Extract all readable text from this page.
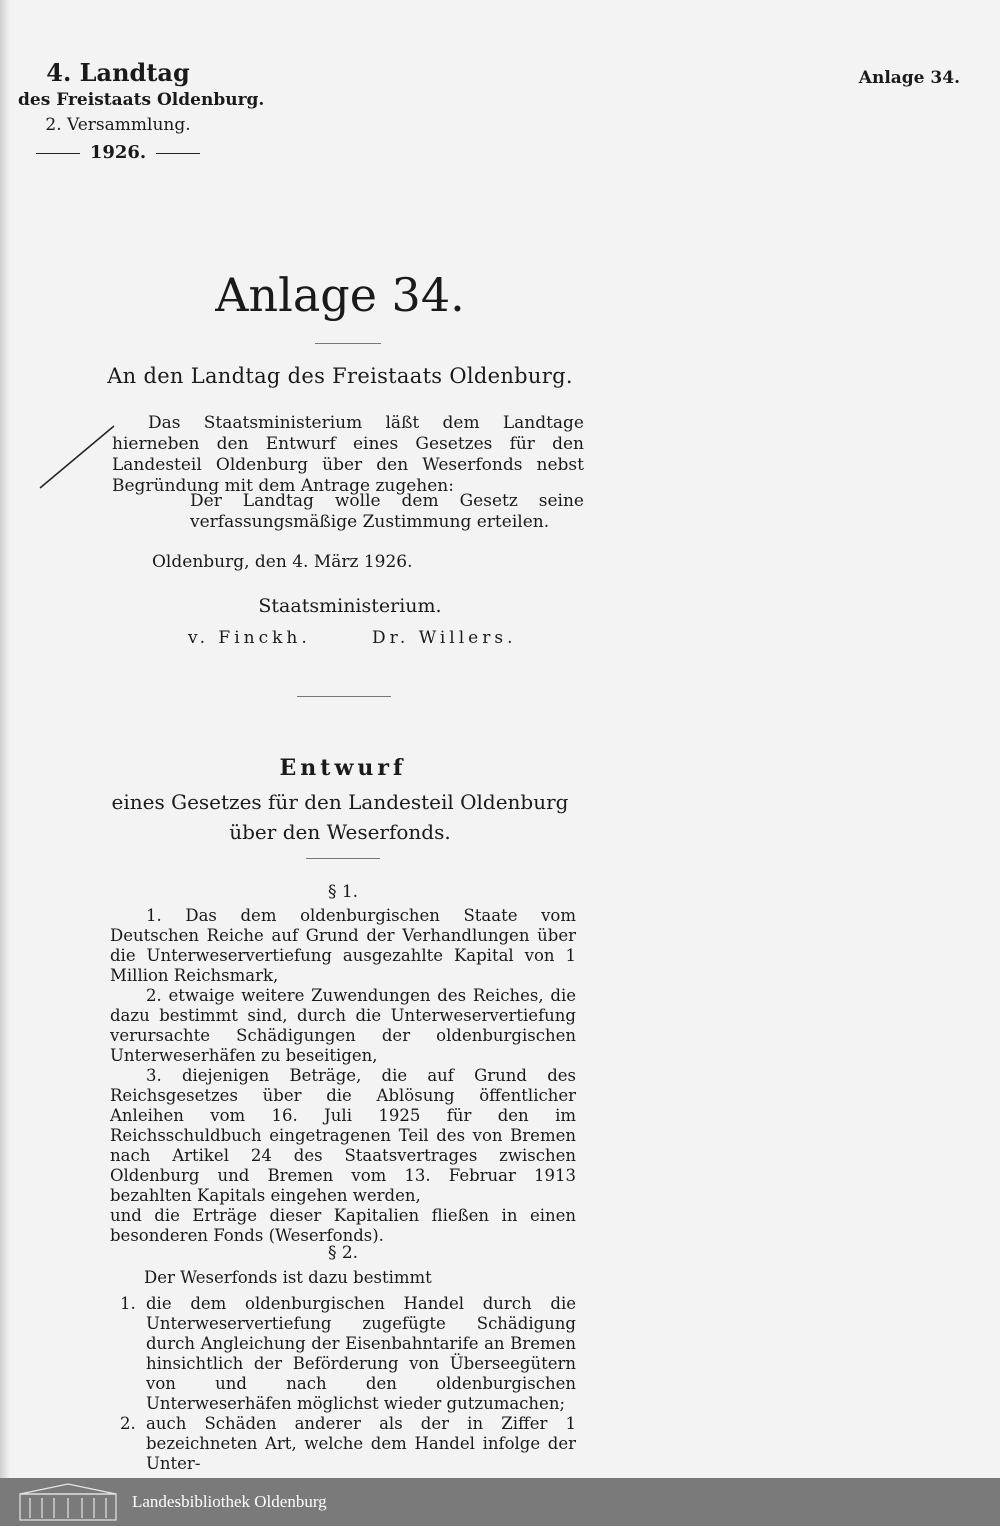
4. Landtag
des Freistaats Oldenburg.
2. Versammlung.
1926.
Anlage 34.
Anlage 34.
An den Landtag des Freistaats Oldenburg.
Das Staatsministerium läßt dem Landtage hierneben den Entwurf eines Gesetzes für den Landesteil Oldenburg über den Weserfonds nebst Begründung mit dem Antrage zugehen:
Der Landtag wolle dem Gesetz seine verfassungsmäßige Zustimmung erteilen.
Oldenburg, den 4. März 1926.
Staatsministerium.
v. Finckh.	Dr. Willers.
Entwurf
eines Gesetzes für den Landesteil Oldenburg über den Weserfonds.
§ 1.
1. Das dem oldenburgischen Staate vom Deutschen Reiche auf Grund der Verhandlungen über die Unterweservertiefung ausgezahlte Kapital von 1 Million Reichsmark,
2. etwaige weitere Zuwendungen des Reiches, die dazu bestimmt sind, durch die Unterweservertiefung verursachte Schädigungen der oldenburgischen Unterweserhäfen zu beseitigen,
3. diejenigen Beträge, die auf Grund des Reichsgesetzes über die Ablösung öffentlicher Anleihen vom 16. Juli 1925 für den im Reichsschuldbuch eingetragenen Teil des von Bremen nach Artikel 24 des Staatsvertrages zwischen Oldenburg und Bremen vom 13. Februar 1913 bezahlten Kapitals eingehen werden,
und die Erträge dieser Kapitalien fließen in einen besonderen Fonds (Weserfonds).
§ 2.
Der Weserfonds ist dazu bestimmt
1. die dem oldenburgischen Handel durch die Unterweservertiefung zugefügte Schädigung durch Angleichung der Eisenbahntarife an Bremen hinsichtlich der Beförderung von Überseegütern von und nach den oldenburgischen Unterweserhäfen möglichst wieder gutzumachen;
2. auch Schäden anderer als der in Ziffer 1 bezeichneten Art, welche dem Handel infolge der Unter-
Landesbibliothek Oldenburg
